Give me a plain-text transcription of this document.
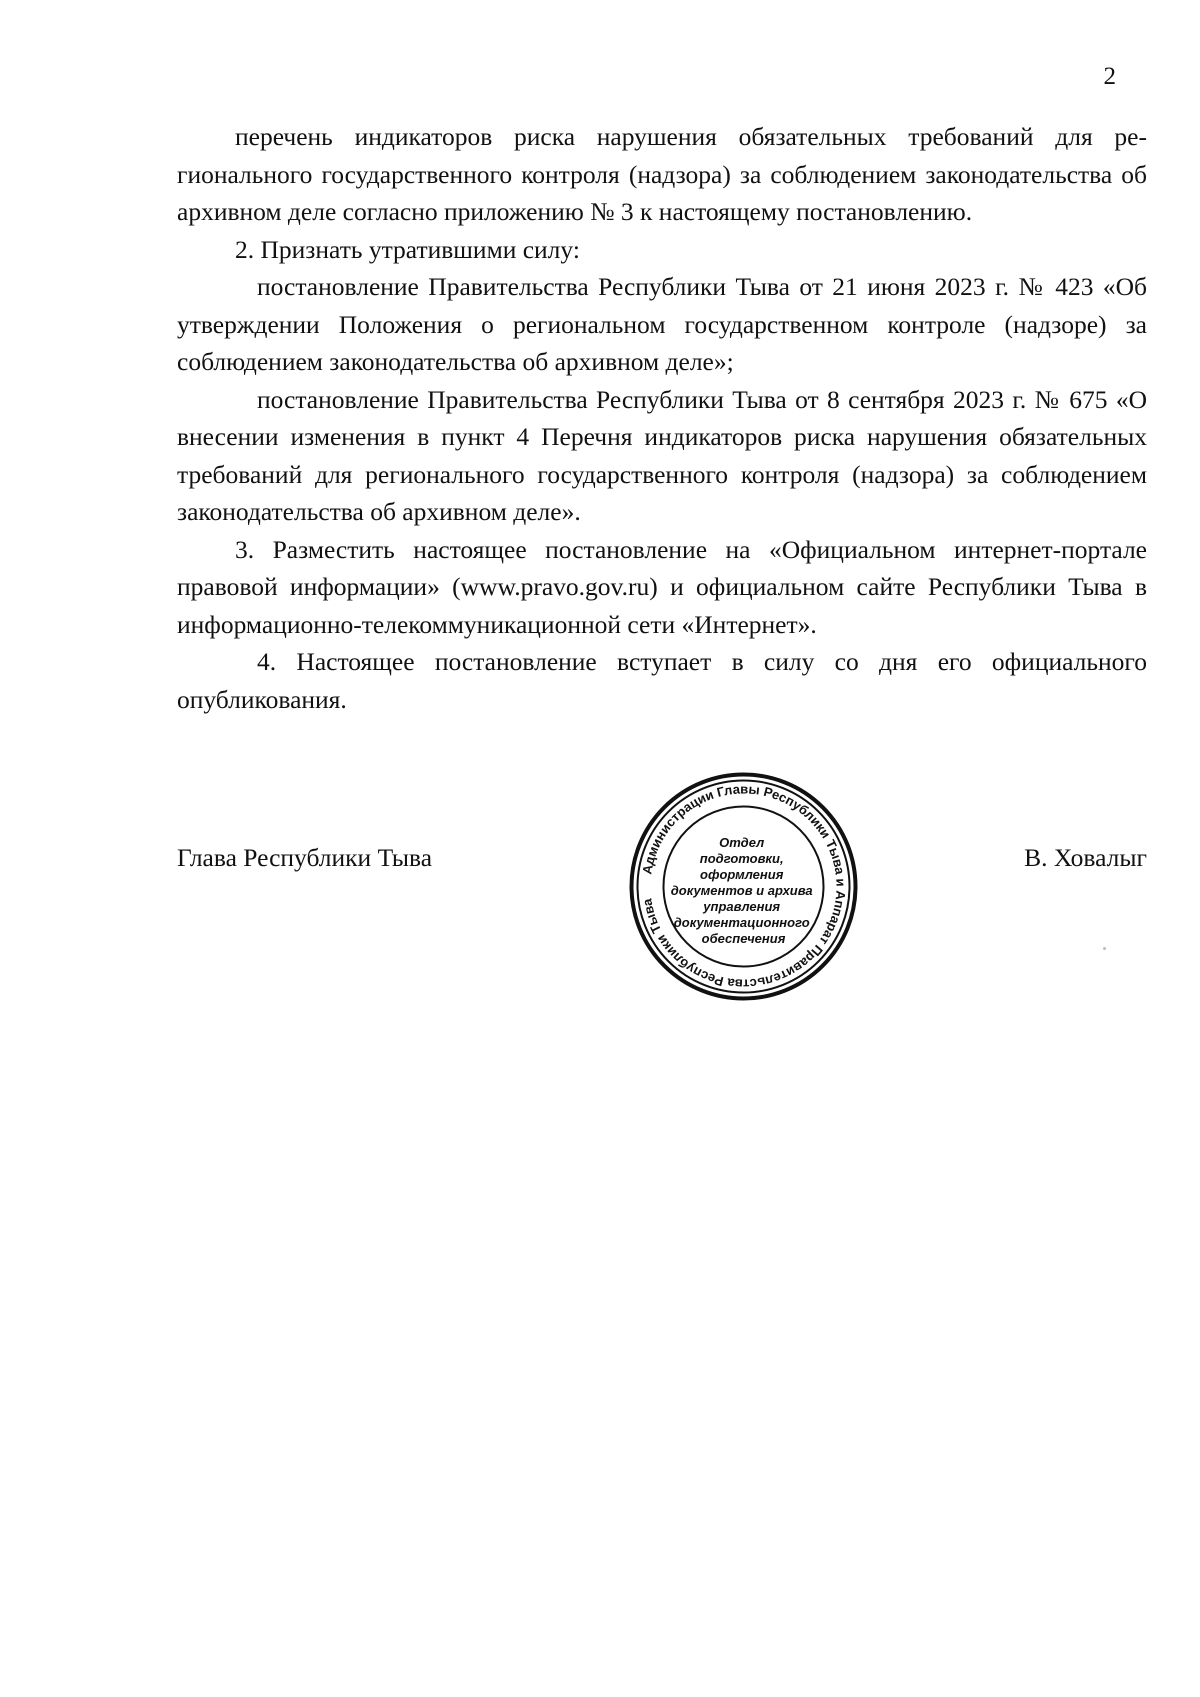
2

перечень индикаторов риска нарушения обязательных требований для регионального государственного контроля (надзора) за соблюдением законодательства об архивном деле согласно приложению № 3 к настоящему постановлению.

2. Признать утратившими силу:

постановление Правительства Республики Тыва от 21 июня 2023 г. № 423 «Об утверждении Положения о региональном государственном контроле (надзоре) за соблюдением законодательства об архивном деле»;

постановление Правительства Республики Тыва от 8 сентября 2023 г. № 675 «О внесении изменения в пункт 4 Перечня индикаторов риска нарушения обязательных требований для регионального государственного контроля (надзора) за соблюдением законодательства об архивном деле».

3. Разместить настоящее постановление на «Официальном интернет-портале правовой информации» (www.pravo.gov.ru) и официальном сайте Республики Тыва в информационно-телекоммуникационной сети «Интернет».

4. Настоящее постановление вступает в силу со дня его официального опубликования.

Глава Республики Тыва	В. Ховалыг
Администрации Главы Республики Тыва и Аппарат Правительства Республики Тыва
Отдел подготовки, оформления документов и архива управления документационного обеспечения
